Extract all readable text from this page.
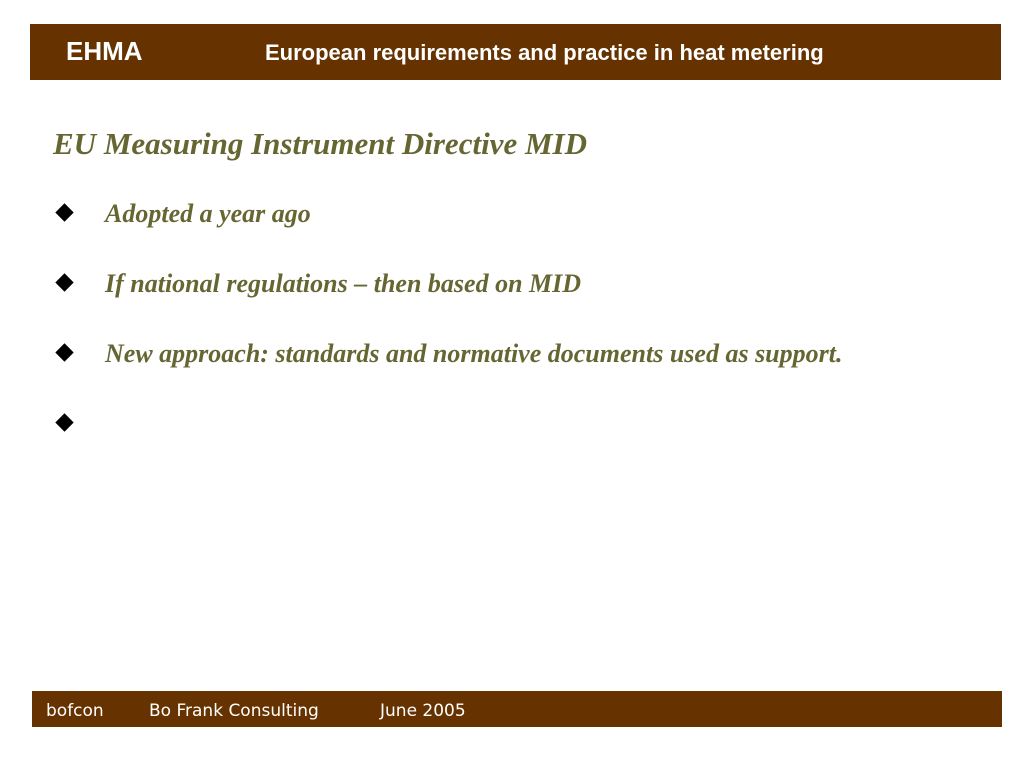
EHMA	European requirements and practice in heat metering
EU Measuring Instrument Directive MID
Adopted a year ago
If national regulations – then based on MID
New approach: standards and normative documents used as support.
bofcon	Bo Frank Consulting	June 2005
